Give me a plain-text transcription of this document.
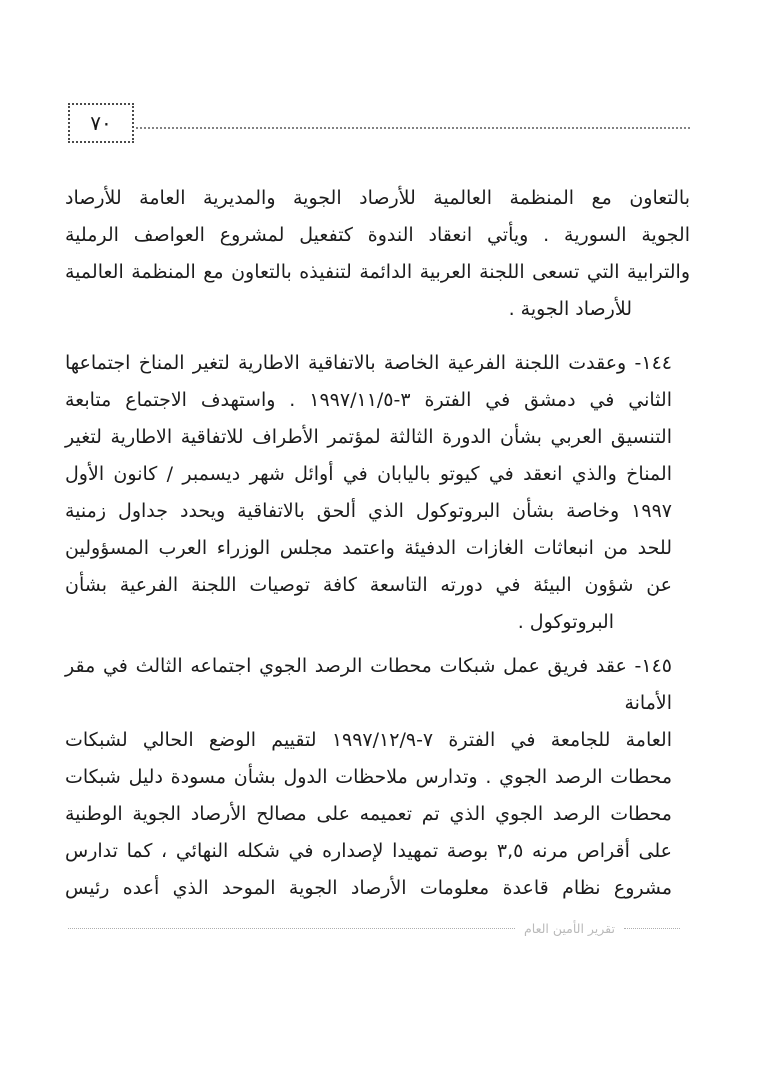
٧٠
بالتعاون مع المنظمة العالمية للأرصاد الجوية والمديرية العامة للأرصاد
الجوية السورية . ويأتي انعقاد الندوة كتفعيل لمشروع العواصف الرملية
والترابية التي تسعى اللجنة العربية الدائمة لتنفيذه بالتعاون مع المنظمة العالمية
للأرصاد الجوية .
١٤٤- وعقدت اللجنة الفرعية الخاصة بالاتفاقية الاطارية لتغير المناخ اجتماعها
الثاني في دمشق في الفترة ٣-١٩٩٧/١١/٥ . واستهدف الاجتماع متابعة
التنسيق العربي بشأن الدورة الثالثة لمؤتمر الأطراف للاتفاقية الاطارية لتغير
المناخ والذي انعقد في كيوتو باليابان في أوائل شهر ديسمبر / كانون الأول
١٩٩٧ وخاصة بشأن البروتوكول الذي ألحق بالاتفاقية ويحدد جداول زمنية
للحد من انبعاثات الغازات الدفيئة واعتمد مجلس الوزراء العرب المسؤولين
عن شؤون البيئة في دورته التاسعة كافة توصيات اللجنة الفرعية بشأن
البروتوكول .
١٤٥- عقد فريق عمل شبكات محطات الرصد الجوي اجتماعه الثالث في مقر الأمانة
العامة للجامعة في الفترة ٧-١٩٩٧/١٢/٩ لتقييم الوضع الحالي لشبكات
محطات الرصد الجوي . وتدارس ملاحظات الدول بشأن مسودة دليل شبكات
محطات الرصد الجوي الذي تم تعميمه على مصالح الأرصاد الجوية الوطنية
على أقراص مرنه ٣,٥ بوصة تمهيدا لإصداره في شكله النهائي ، كما تدارس
مشروع نظام قاعدة معلومات الأرصاد الجوية الموحد الذي أعده رئيس
تقرير الأمين العام
